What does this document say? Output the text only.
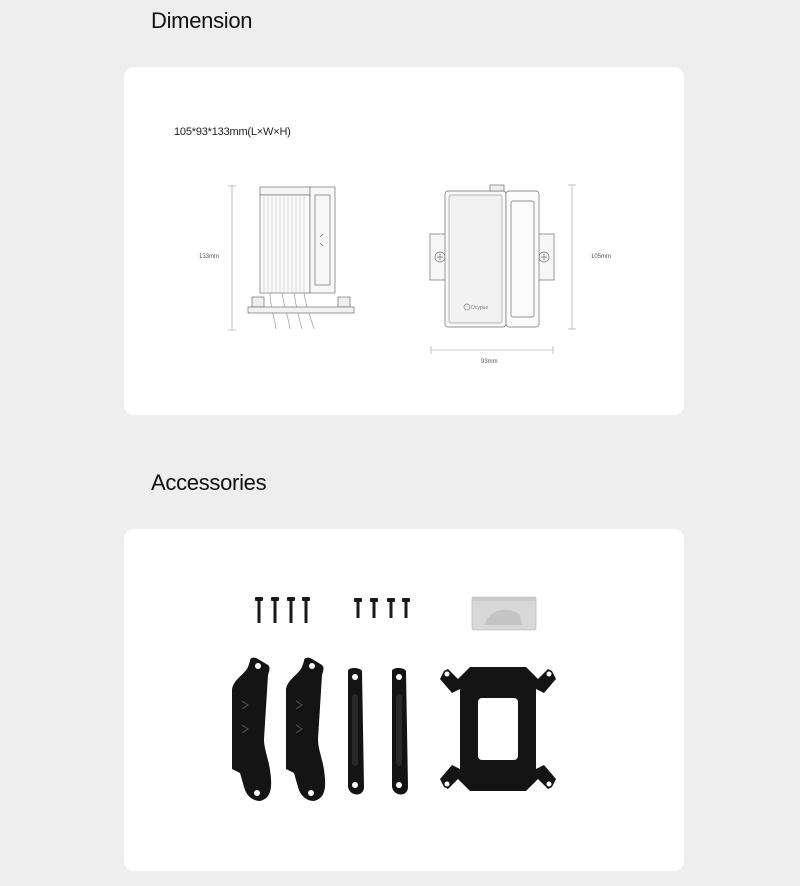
Dimension
105*93*133mm(L×W×H)
Ocypus
133mm	105mm
93mm
Accessories
